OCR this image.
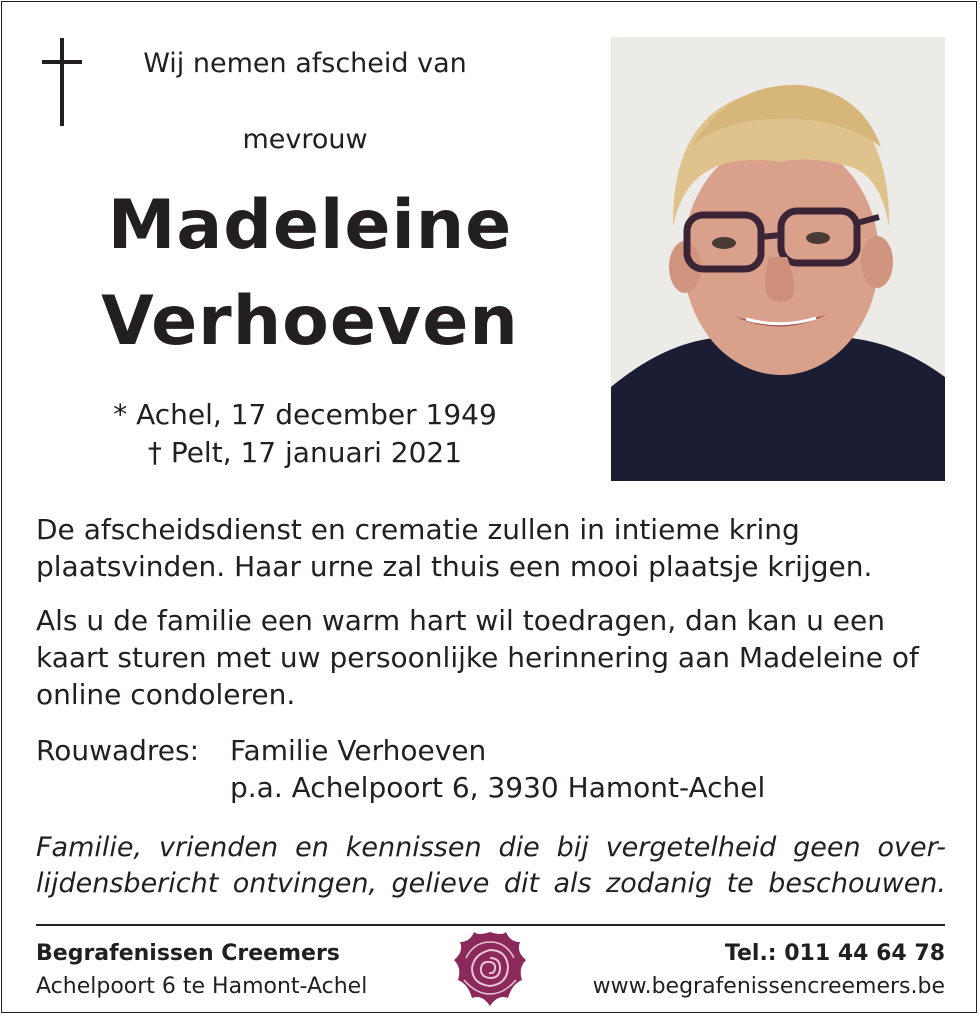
Wij nemen afscheid van
mevrouw
Madeleine
Verhoeven
* Achel, 17 december 1949
† Pelt, 17 januari 2021
De afscheidsdienst en crematie zullen in intieme kring plaatsvinden. Haar urne zal thuis een mooi plaatsje krijgen.
Als u de familie een warm hart wil toedragen, dan kan u een kaart sturen met uw persoonlijke herinnering aan Madeleine of online condoleren.
Rouwadres: Familie Verhoeven
p.a. Achelpoort 6, 3930 Hamont-Achel
Familie, vrienden en kennissen die bij vergetelheid geen over-
lijdensbericht ontvingen, gelieve dit als zodanig te beschouwen.
Begrafenissen Creemers
Achelpoort 6 te Hamont-Achel
Tel.: 011 44 64 78
www.begrafenissencreemers.be
